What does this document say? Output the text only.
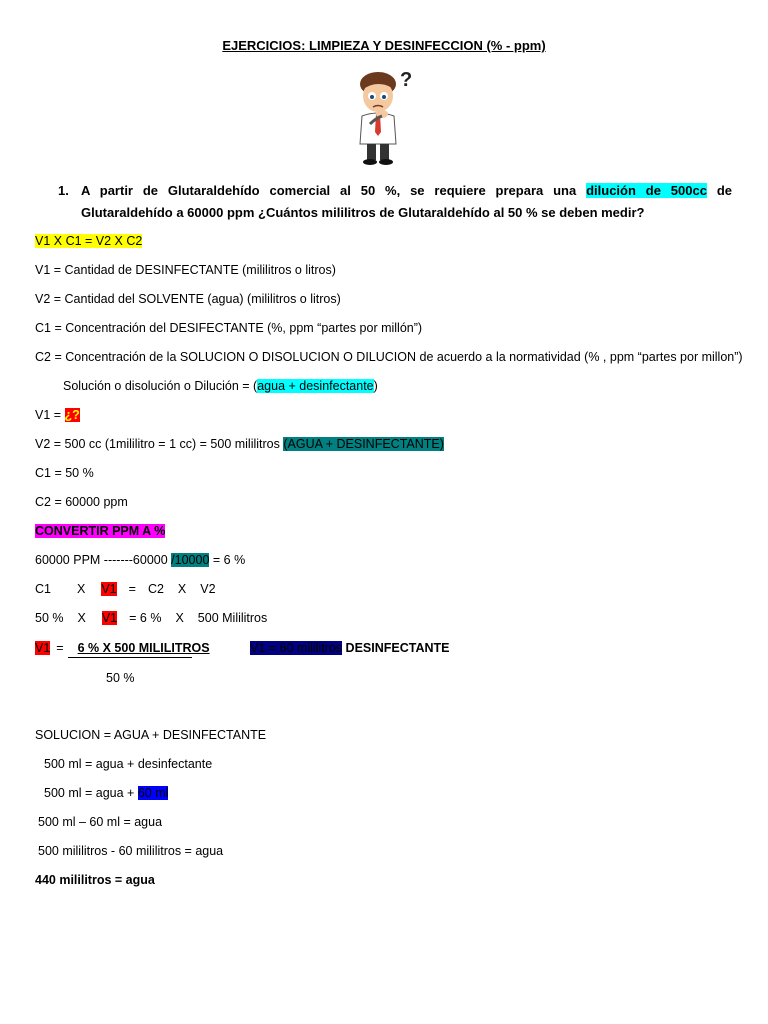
EJERCICIOS: LIMPIEZA Y DESINFECCION (% - ppm)
?
1. A partir de Glutaraldehído comercial al 50 %, se requiere prepara una dilución de 500cc de Glutaraldehído a 60000 ppm ¿Cuántos mililitros de Glutaraldehído al 50 % se deben medir?
V1 X C1 = V2 X C2
V1 = Cantidad de DESINFECTANTE (mililitros o litros)
V2 = Cantidad del SOLVENTE (agua) (mililitros o litros)
C1 = Concentración del DESIFECTANTE (%, ppm “partes por millón”)
C2 = Concentración de la SOLUCION O DISOLUCION O DILUCION de acuerdo a la normatividad (% , ppm “partes por millon”)
Solución o disolución o Dilución = (agua + desinfectante)
V1 = ¿?
V2 = 500 cc (1mililitro = 1 cc) = 500 mililitros (AGUA + DESINFECTANTE)
C1 = 50 %
C2 = 60000 ppm
CONVERTIR PPM A %
60000 PPM -------60000 /10000 = 6 %
C1 X V1 = C2 X V2
50 % X V1 = 6 % X 500 Mililitros
V1 = 6 % X 500 MILILITROS	V1 = 60 mililitros DESINFECTANTE
50 %
SOLUCION = AGUA + DESINFECTANTE
500 ml = agua + desinfectante
500 ml = agua + 60 ml
500 ml – 60 ml = agua
500 mililitros - 60 mililitros = agua
440 mililitros = agua
